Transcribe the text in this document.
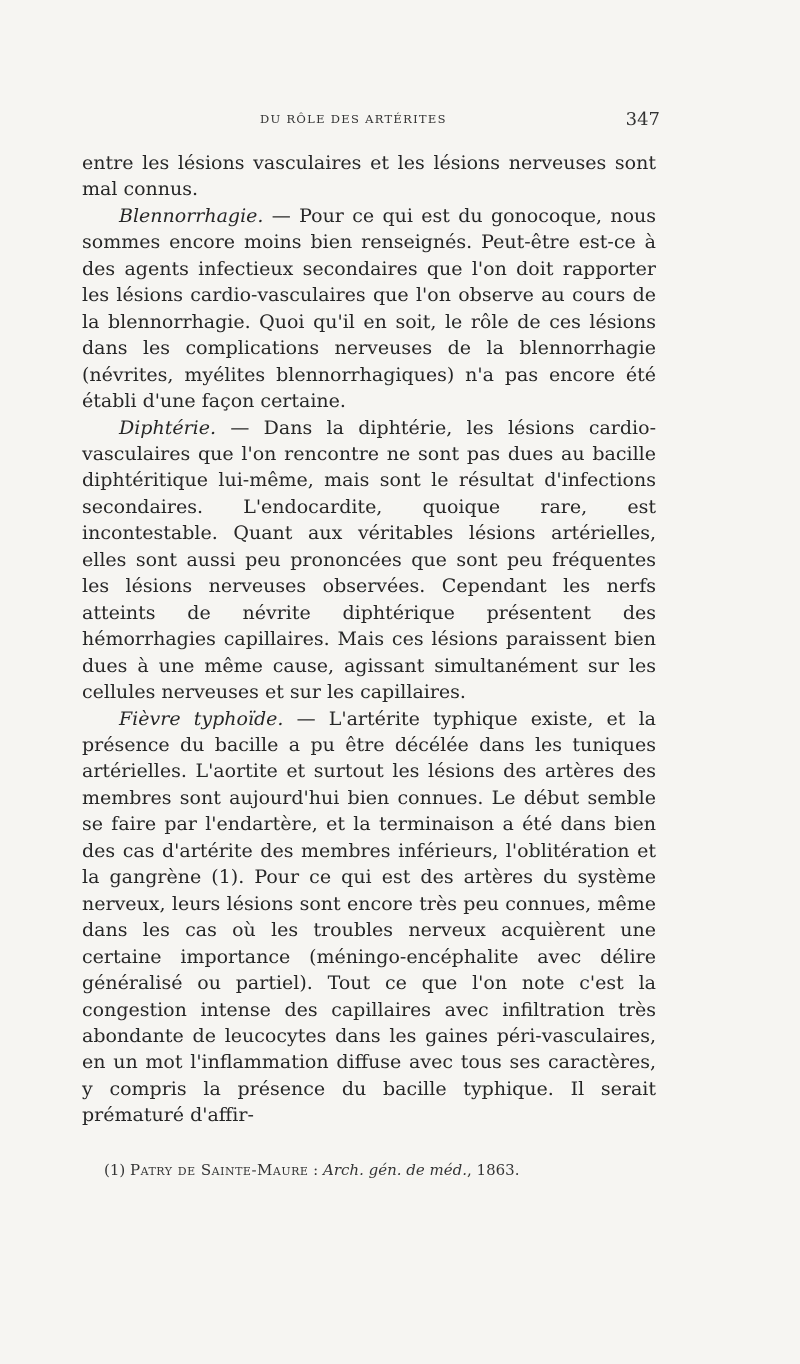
DU RÔLE DES ARTÉRITES	347

entre les lésions vasculaires et les lésions nerveuses sont mal connus.

Blennorrhagie. — Pour ce qui est du gonocoque, nous sommes encore moins bien renseignés. Peut-être est-ce à des agents infectieux secondaires que l'on doit rapporter les lésions cardio-vasculaires que l'on observe au cours de la blennorrhagie. Quoi qu'il en soit, le rôle de ces lésions dans les complications nerveuses de la blennorrhagie (névrites, myélites blennorrhagiques) n'a pas encore été établi d'une façon certaine.

Diphtérie. — Dans la diphtérie, les lésions cardio-vasculaires que l'on rencontre ne sont pas dues au bacille diphtéritique lui-même, mais sont le résultat d'infections secondaires. L'endocardite, quoique rare, est incontestable. Quant aux véritables lésions artérielles, elles sont aussi peu prononcées que sont peu fréquentes les lésions nerveuses observées. Cependant les nerfs atteints de névrite diphtérique présentent des hémorrhagies capillaires. Mais ces lésions paraissent bien dues à une même cause, agissant simultanément sur les cellules nerveuses et sur les capillaires.

Fièvre typhoïde. — L'artérite typhique existe, et la présence du bacille a pu être décélée dans les tuniques artérielles. L'aortite et surtout les lésions des artères des membres sont aujourd'hui bien connues. Le début semble se faire par l'endartère, et la terminaison a été dans bien des cas d'artérite des membres inférieurs, l'oblitération et la gangrène (1). Pour ce qui est des artères du système nerveux, leurs lésions sont encore très peu connues, même dans les cas où les troubles nerveux acquièrent une certaine importance (méningo-encéphalite avec délire généralisé ou partiel). Tout ce que l'on note c'est la congestion intense des capillaires avec infiltration très abondante de leucocytes dans les gaines péri-vasculaires, en un mot l'inflammation diffuse avec tous ses caractères, y compris la présence du bacille typhique. Il serait prématuré d'affir-

(1) Patry de Sainte-Maure : Arch. gén. de méd., 1863.
